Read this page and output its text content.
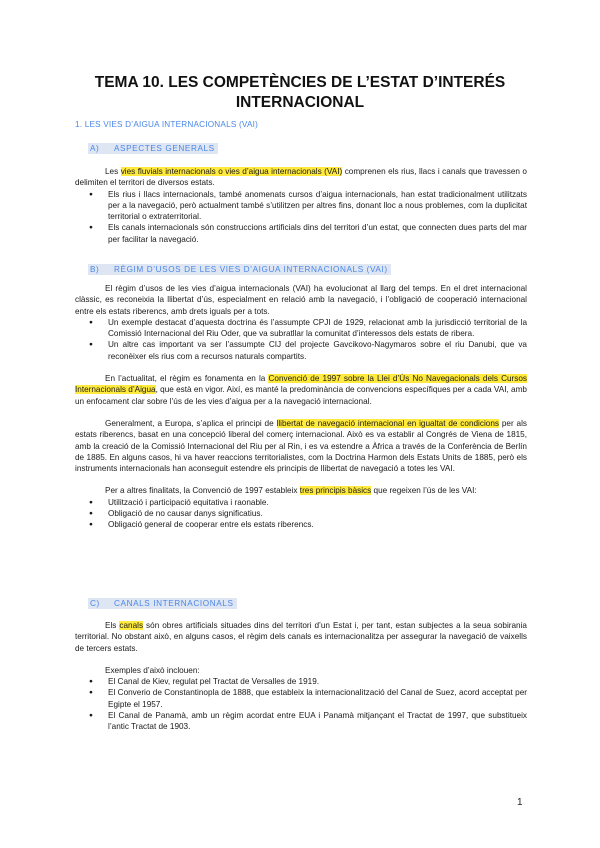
TEMA 10. LES COMPETÈNCIES DE L’ESTAT D’INTERÉS
INTERNACIONAL
1. LES VIES D’AIGUA INTERNACIONALS (VAI)
A) ASPECTES GENERALS

Les vies fluvials internacionals o vies d’aigua internacionals (VAI) comprenen els rius, llacs i canals que travessen o delimiten el territori de diversos estats.

● Els rius i llacs internacionals, també anomenats cursos d’aigua internacionals, han estat tradicionalment utilitzats per a la navegació, però actualment també s’utilitzen per altres fins, donant lloc a nous problemes, com la duplicitat territorial o extraterritorial.
● Els canals internacionals són construccions artificials dins del territori d’un estat, que connecten dues parts del mar per facilitar la navegació.
B) RÈGIM D’USOS DE LES VIES D’AIGUA INTERNACIONALS (VAI)

El règim d’usos de les vies d’aigua internacionals (VAI) ha evolucionat al llarg del temps. En el dret internacional clàssic, es reconeixia la llibertat d’ús, especialment en relació amb la navegació, i l’obligació de cooperació internacional entre els estats riberencs, amb drets iguals per a tots.

● Un exemple destacat d’aquesta doctrina és l’assumpte CPJI de 1929, relacionat amb la jurisdicció territorial de la Comissió Internacional del Riu Oder, que va subratllar la comunitat d’interessos dels estats de ribera.
● Un altre cas important va ser l’assumpte CIJ del projecte Gavcikovo-Nagymaros sobre el riu Danubi, que va reconèixer els rius com a recursos naturals compartits.

En l’actualitat, el règim es fonamenta en la Convenció de 1997 sobre la Llei d’Ús No Navegacionals dels Cursos Internacionals d’Aigua, que està en vigor. Així, es manté la predominància de convencions específiques per a cada VAI, amb un enfocament clar sobre l’ús de les vies d’aigua per a la navegació internacional.

Generalment, a Europa, s’aplica el principi de llibertat de navegació internacional en igualtat de condicions per als estats riberencs, basat en una concepció liberal del comerç internacional. Això es va establir al Congrés de Viena de 1815, amb la creació de la Comissió Internacional del Riu per al Rin, i es va estendre a Àfrica a través de la Conferència de Berlín de 1885. En alguns casos, hi va haver reaccions territorialistes, com la Doctrina Harmon dels Estats Units de 1885, però els instruments internacionals han aconseguit estendre els principis de llibertat de navegació a totes les VAI.

Per a altres finalitats, la Convenció de 1997 estableix tres principis bàsics que regeixen l’ús de les VAI:

● Utilització i participació equitativa i raonable.
● Obligació de no causar danys significatius.
● Obligació general de cooperar entre els estats riberencs.
C) CANALS INTERNACIONALS

Els canals són obres artificials situades dins del territori d’un Estat i, per tant, estan subjectes a la seua sobirania territorial. No obstant això, en alguns casos, el règim dels canals es internacionalitza per assegurar la navegació de vaixells de tercers estats.

Exemples d’això inclouen:

● El Canal de Kiev, regulat pel Tractat de Versalles de 1919.
● El Converio de Constantinopla de 1888, que estableix la internacionalització del Canal de Suez, acord acceptat per Egipte el 1957.
● El Canal de Panamà, amb un règim acordat entre EUA i Panamà mitjançant el Tractat de 1997, que substitueix l’antic Tractat de 1903.
1
